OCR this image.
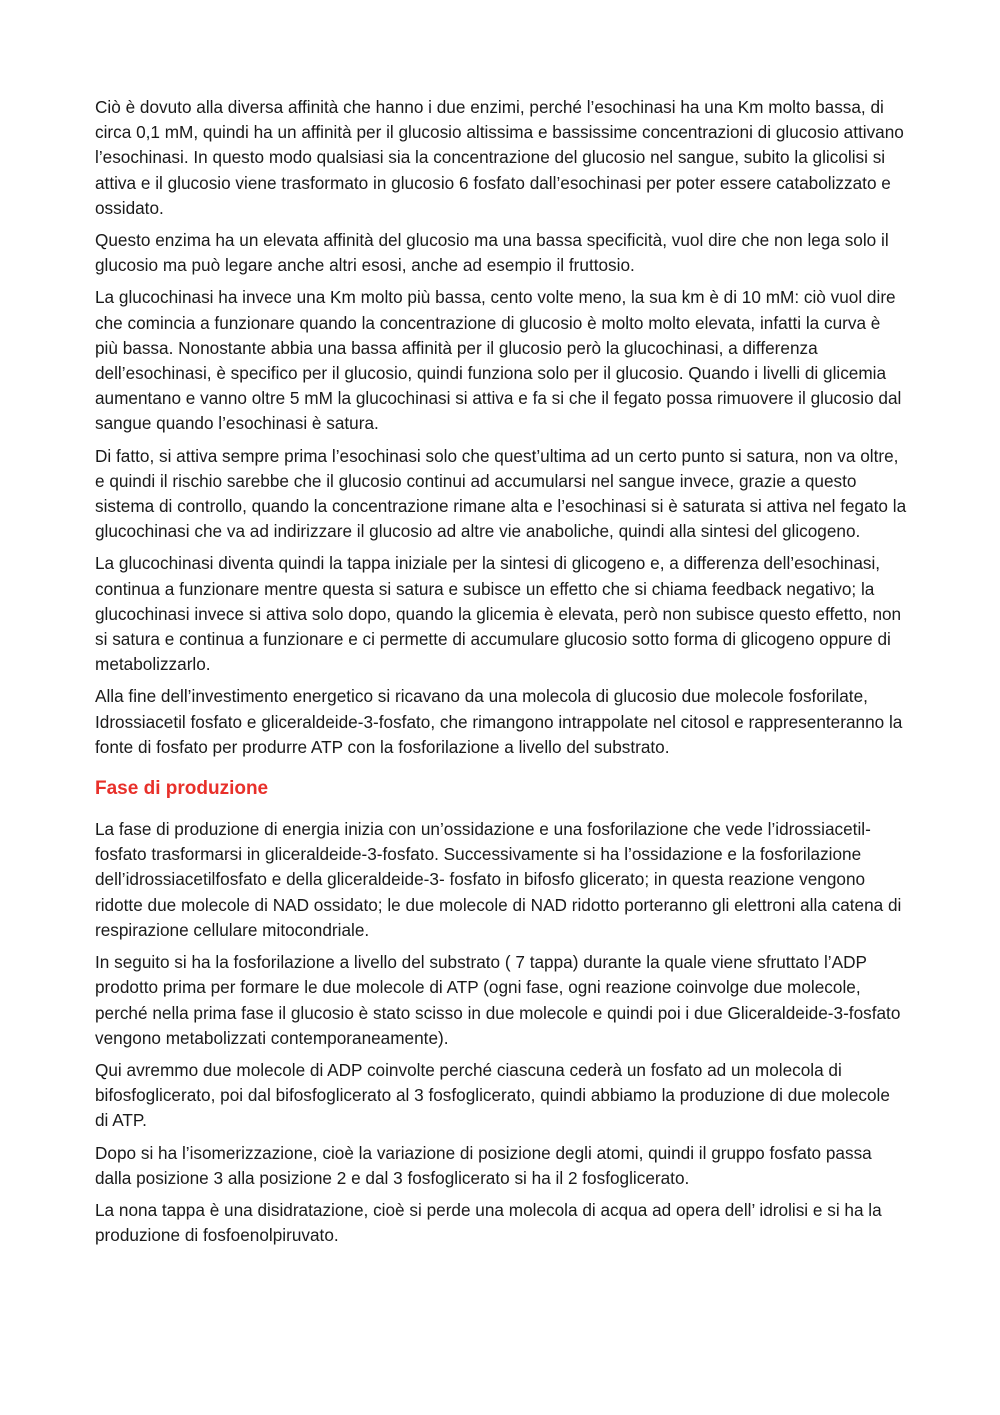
Ciò è dovuto alla diversa affinità che hanno i due enzimi, perché l’esochinasi ha una Km molto bassa, di circa 0,1 mM, quindi ha un affinità per il glucosio altissima e bassissime concentrazioni di glucosio attivano l’esochinasi. In questo modo qualsiasi sia la concentrazione del glucosio nel sangue, subito la glicolisi si attiva e il glucosio viene trasformato in glucosio 6 fosfato dall’esochinasi per poter essere catabolizzato e ossidato.

Questo enzima ha un elevata affinità del glucosio ma una bassa specificità, vuol dire che non lega solo il glucosio ma può legare anche altri esosi, anche ad esempio il fruttosio.

La glucochinasi ha invece una Km molto più bassa, cento volte meno, la sua km è di 10 mM: ciò vuol dire che comincia a funzionare quando la concentrazione di glucosio è molto molto elevata, infatti la curva è più bassa. Nonostante abbia una bassa affinità per il glucosio però la glucochinasi, a differenza dell’esochinasi, è specifico per il glucosio, quindi funziona solo per il glucosio. Quando i livelli di glicemia aumentano e vanno oltre 5 mM la glucochinasi si attiva e fa si che il fegato possa rimuovere il glucosio dal sangue quando l’esochinasi è satura.

Di fatto, si attiva sempre prima l’esochinasi solo che quest’ultima ad un certo punto si satura, non va oltre, e quindi il rischio sarebbe che il glucosio continui ad accumularsi nel sangue invece, grazie a questo sistema di controllo, quando la concentrazione rimane alta e l’esochinasi si è saturata si attiva nel fegato la glucochinasi che va ad indirizzare il glucosio ad altre vie anaboliche, quindi alla sintesi del glicogeno.

La glucochinasi diventa quindi la tappa iniziale per la sintesi di glicogeno e, a differenza dell’esochinasi, continua a funzionare mentre questa si satura e subisce un effetto che si chiama feedback negativo; la glucochinasi invece si attiva solo dopo, quando la glicemia è elevata, però non subisce questo effetto, non si satura e continua a funzionare e ci permette di accumulare glucosio sotto forma di glicogeno oppure di metabolizzarlo.

Alla fine dell’investimento energetico si ricavano da una molecola di glucosio due molecole fosforilate, Idrossiacetil fosfato e gliceraldeide-3-fosfato, che rimangono intrappolate nel citosol e rappresenteranno la fonte di fosfato per produrre ATP con la fosforilazione a livello del substrato.

Fase di produzione

La fase di produzione di energia inizia con un’ossidazione e una fosforilazione che vede l’idrossiacetil-fosfato trasformarsi in gliceraldeide-3-fosfato. Successivamente si ha l’ossidazione e la fosforilazione dell’idrossiacetilfosfato e della gliceraldeide-3- fosfato in bifosfo glicerato; in questa reazione vengono ridotte due molecole di NAD ossidato; le due molecole di NAD ridotto porteranno gli elettroni alla catena di respirazione cellulare mitocondriale.

In seguito si ha la fosforilazione a livello del substrato ( 7 tappa) durante la quale viene sfruttato l’ADP prodotto prima per formare le due molecole di ATP (ogni fase, ogni reazione coinvolge due molecole, perché nella prima fase il glucosio è stato scisso in due molecole e quindi poi i due Gliceraldeide-3-fosfato vengono metabolizzati contemporaneamente).

Qui avremmo due molecole di ADP coinvolte perché ciascuna cederà un fosfato ad un molecola di bifosfoglicerato, poi dal bifosfoglicerato al 3 fosfoglicerato, quindi abbiamo la produzione di due molecole di ATP.

Dopo si ha l’isomerizzazione, cioè la variazione di posizione degli atomi, quindi il gruppo fosfato passa dalla posizione 3 alla posizione 2 e dal 3 fosfoglicerato si ha il 2 fosfoglicerato.

La nona tappa è una disidratazione, cioè si perde una molecola di acqua ad opera dell’ idrolisi e si ha la produzione di fosfoenolpiruvato.
